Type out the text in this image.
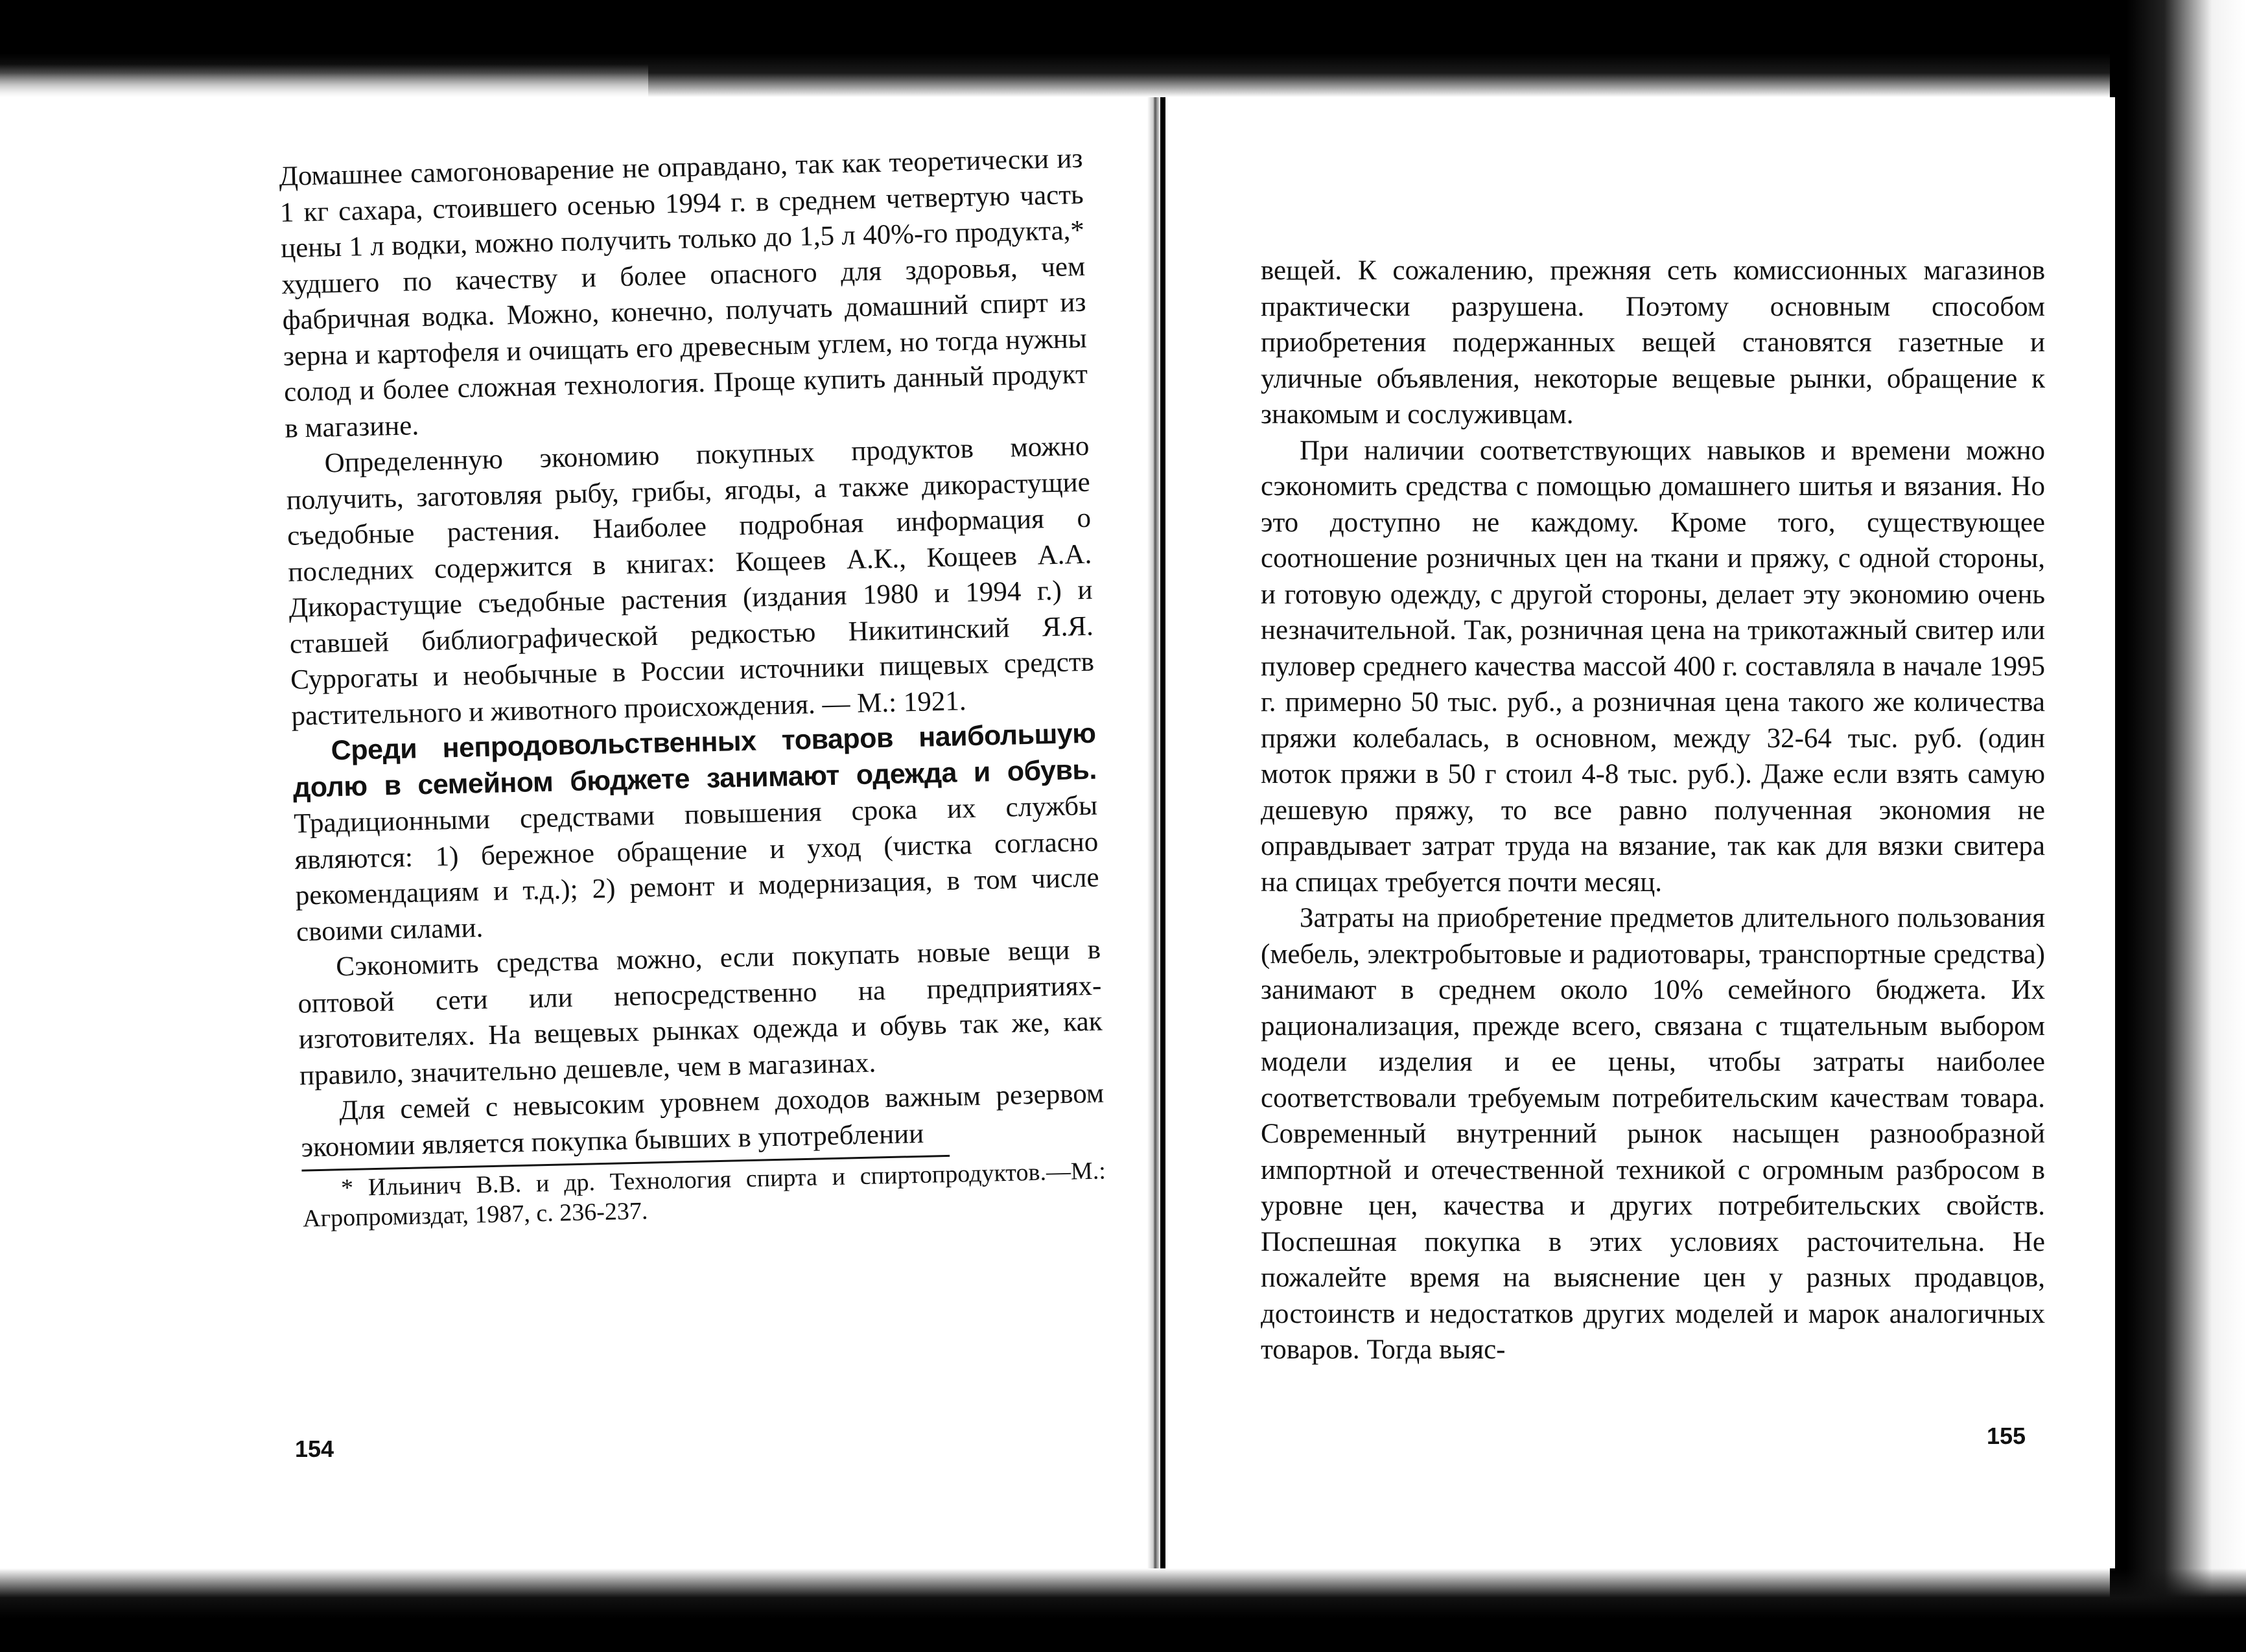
Домашнее самогоноварение не оправдано, так как теоретически из 1 кг сахара, стоившего осенью 1994 г. в среднем четвертую часть цены 1 л водки, можно получить только до 1,5 л 40%-го продукта,* худшего по качеству и более опасного для здоровья, чем фабричная водка. Можно, конечно, получать домашний спирт из зерна и картофеля и очищать его древесным углем, но тогда нужны солод и более сложная технология. Проще купить данный продукт в магазине.

Определенную экономию покупных продуктов можно получить, заготовляя рыбу, грибы, ягоды, а также дикорастущие съедобные растения. Наиболее подробная информация о последних содержится в книгах: Кощеев А.К., Кощеев А.А. Дикорастущие съедобные растения (издания 1980 и 1994 г.) и ставшей библиографической редкостью Никитинский Я.Я. Суррогаты и необычные в России источники пищевых средств растительного и животного происхождения. — М.: 1921.

Среди непродовольственных товаров наибольшую долю в семейном бюджете занимают одежда и обувь. Традиционными средствами повышения срока их службы являются: 1) бережное обращение и уход (чистка согласно рекомендациям и т.д.); 2) ремонт и модернизация, в том числе своими силами.

Сэкономить средства можно, если покупать новые вещи в оптовой сети или непосредственно на предприятиях-изготовителях. На вещевых рынках одежда и обувь так же, как правило, значительно дешевле, чем в магазинах.

Для семей с невысоким уровнем доходов важным резервом экономии является покупка бывших в употреблении

* Ильинич В.В. и др. Технология спирта и спиртопродуктов.—М.: Агропромиздат, 1987, с. 236-237.

154

вещей. К сожалению, прежняя сеть комиссионных магазинов практически разрушена. Поэтому основным способом приобретения подержанных вещей становятся газетные и уличные объявления, некоторые вещевые рынки, обращение к знакомым и сослуживцам.

При наличии соответствующих навыков и времени можно сэкономить средства с помощью домашнего шитья и вязания. Но это доступно не каждому. Кроме того, существующее соотношение розничных цен на ткани и пряжу, с одной стороны, и готовую одежду, с другой стороны, делает эту экономию очень незначительной. Так, розничная цена на трикотажный свитер или пуловер среднего качества массой 400 г. составляла в начале 1995 г. примерно 50 тыс. руб., а розничная цена такого же количества пряжи колебалась, в основном, между 32-64 тыс. руб. (один моток пряжи в 50 г стоил 4-8 тыс. руб.). Даже если взять самую дешевую пряжу, то все равно полученная экономия не оправдывает затрат труда на вязание, так как для вязки свитера на спицах требуется почти месяц.

Затраты на приобретение предметов длительного пользования (мебель, электробытовые и радиотовары, транспортные средства) занимают в среднем около 10% семейного бюджета. Их рационализация, прежде всего, связана с тщательным выбором модели изделия и ее цены, чтобы затраты наиболее соответствовали требуемым потребительским качествам товара. Современный внутренний рынок насыщен разнообразной импортной и отечественной техникой с огромным разбросом в уровне цен, качества и других потребительских свойств. Поспешная покупка в этих условиях расточительна. Не пожалейте время на выяснение цен у разных продавцов, достоинств и недостатков других моделей и марок аналогичных товаров. Тогда выяс-

155
